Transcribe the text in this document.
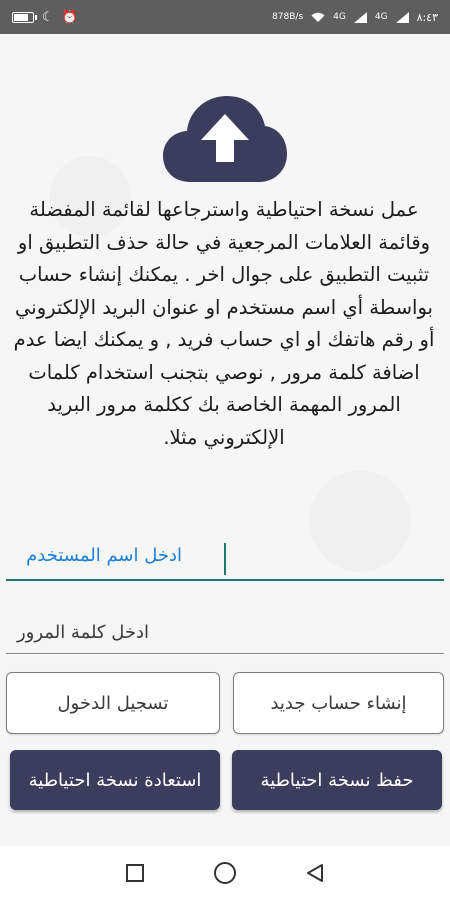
☾ ⏰	878B/s	4G	4G	٨:٤٣
عمل نسخة احتياطية واسترجاعها لقائمة المفضلة وقائمة العلامات المرجعية في حالة حذف التطبيق او تثبيت التطبيق على جوال اخر . يمكنك إنشاء حساب بواسطة أي اسم مستخدم او عنوان البريد الإلكتروني أو رقم هاتفك او اي حساب فريد , و يمكنك ايضا عدم اضافة كلمة مرور , نوصي بتجنب استخدام كلمات المرور المهمة الخاصة بك ككلمة مرور البريد الإلكتروني مثلا.
ادخل اسم المستخدم
ادخل كلمة المرور
إنشاء حساب جديد
تسجيل الدخول
حفظ نسخة احتياطية
استعادة نسخة احتياطية
